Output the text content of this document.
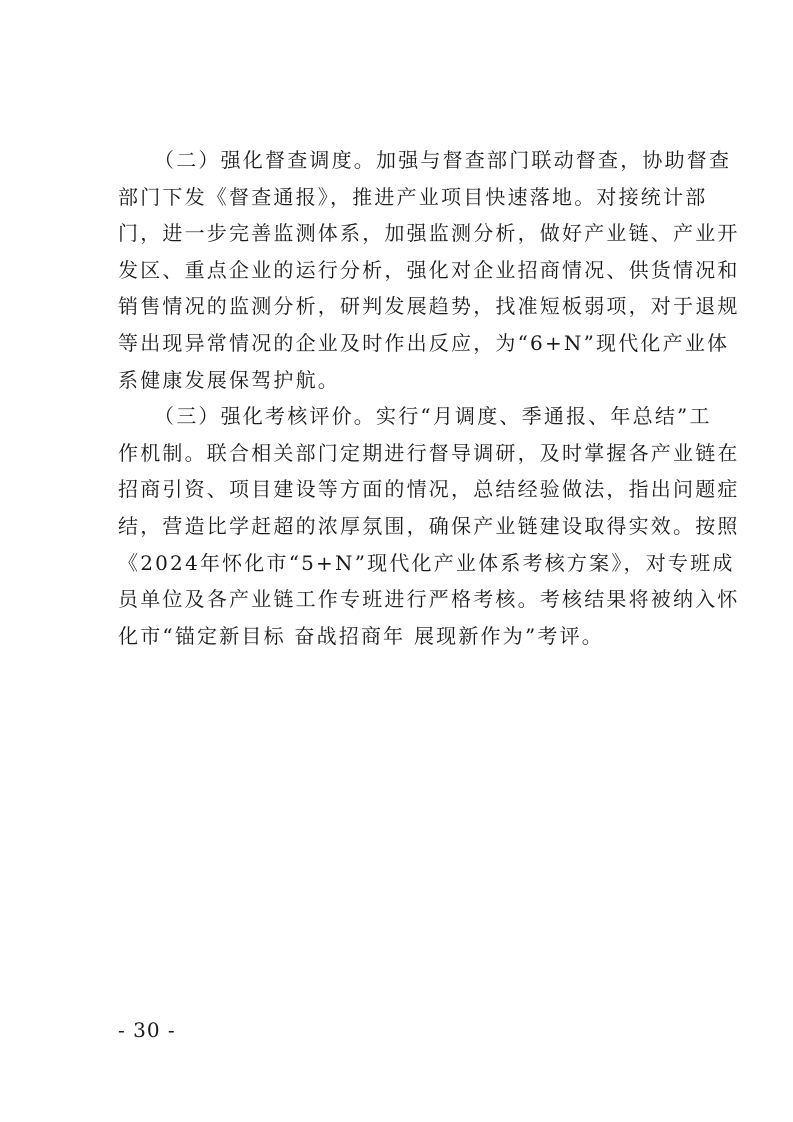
（二）强化督查调度。加强与督查部门联动督查，协助督查
部门下发《督查通报》，推进产业项目快速落地。对接统计部
门，进一步完善监测体系，加强监测分析，做好产业链、产业开
发区、重点企业的运行分析，强化对企业招商情况、供货情况和
销售情况的监测分析，研判发展趋势，找准短板弱项，对于退规
等出现异常情况的企业及时作出反应，为“6+N”现代化产业体
系健康发展保驾护航。
（三）强化考核评价。实行“月调度、季通报、年总结”工
作机制。联合相关部门定期进行督导调研，及时掌握各产业链在
招商引资、项目建设等方面的情况，总结经验做法，指出问题症
结，营造比学赶超的浓厚氛围，确保产业链建设取得实效。按照
《2024年怀化市“5+N”现代化产业体系考核方案》，对专班成
员单位及各产业链工作专班进行严格考核。考核结果将被纳入怀
化市“锚定新目标 奋战招商年 展现新作为”考评。
- 30 -
